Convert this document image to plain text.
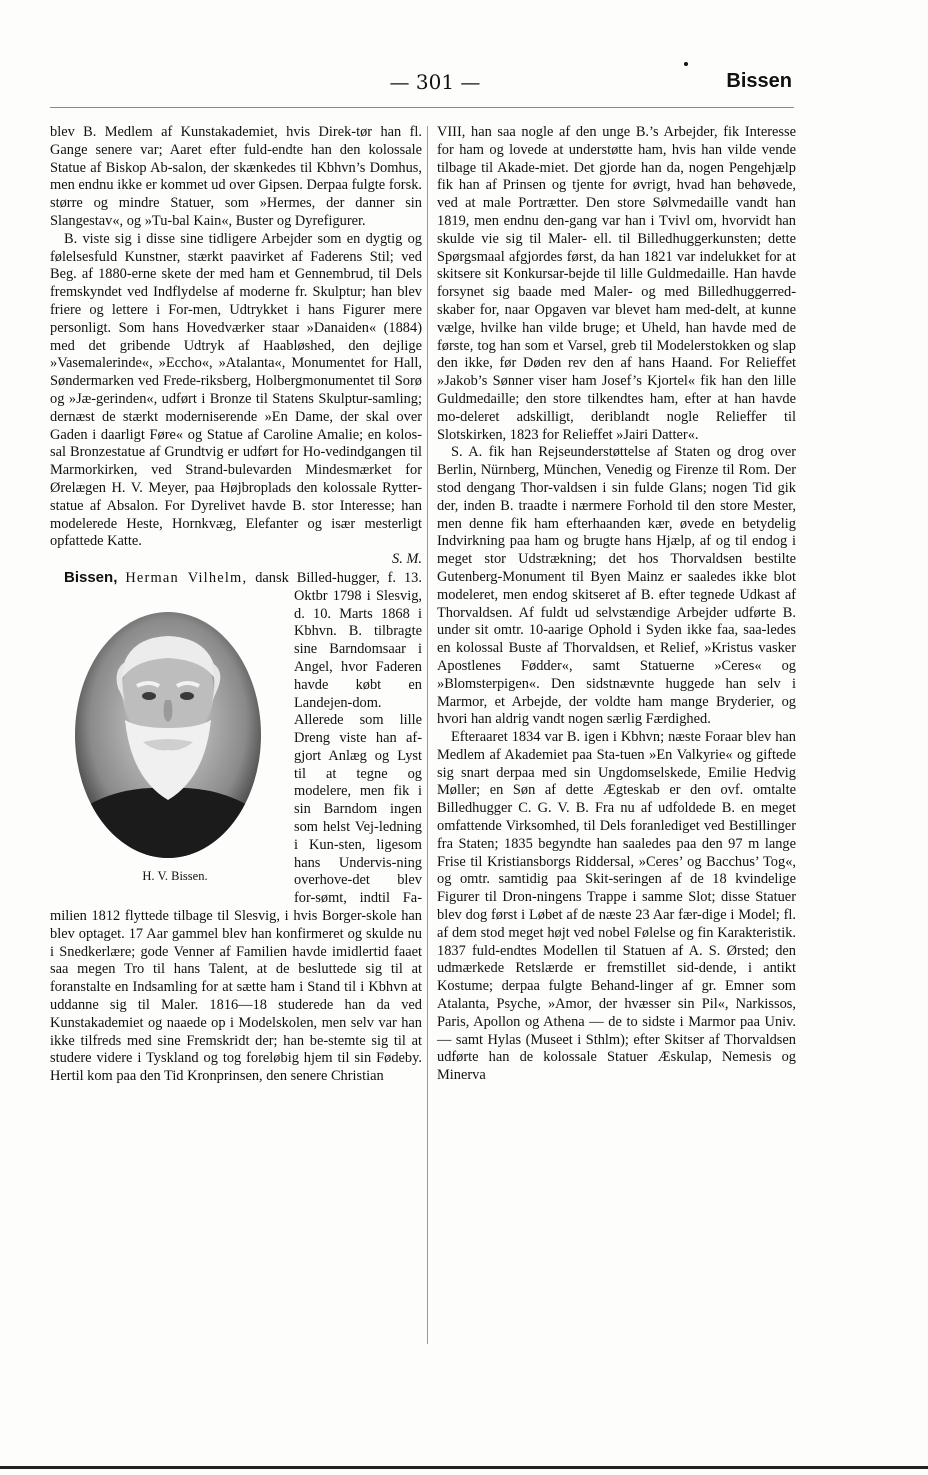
— 301 —	Bissen

blev B. Medlem af Kunstakademiet, hvis Direk-tør han fl. Gange senere var; Aaret efter fuld-endte han den kolossale Statue af Biskop Ab-salon, der skænkedes til Kbhvn’s Domhus, men endnu ikke er kommet ud over Gipsen. Derpaa fulgte forsk. større og mindre Statuer, som »Hermes, der danner sin Slangestav«, og »Tu-bal Kain«, Buster og Dyrefigurer.

B. viste sig i disse sine tidligere Arbejder som en dygtig og følelsesfuld Kunstner, stærkt paavirket af Faderens Stil; ved Beg. af 1880-erne skete der med ham et Gennembrud, til Dels fremskyndet ved Indflydelse af moderne fr. Skulptur; han blev friere og lettere i For-men, Udtrykket i hans Figurer mere personligt. Som hans Hovedværker staar »Danaiden« (1884) med det gribende Udtryk af Haabløshed, den dejlige »Vasemalerinde«, »Eccho«, »Atalanta«, Monumentet for Hall, Søndermarken ved Frede-riksberg, Holbergmonumentet til Sorø og »Jæ-gerinden«, udført i Bronze til Statens Skulptur-samling; dernæst de stærkt moderniserende »En Dame, der skal over Gaden i daarligt Føre« og Statue af Caroline Amalie; en kolos-sal Bronzestatue af Grundtvig er udført for Ho-vedindgangen til Marmorkirken, ved Strand-bulevarden Mindesmærket for Ørelægen H. V. Meyer, paa Højbroplads den kolossale Rytter-statue af Absalon. For Dyrelivet havde B. stor Interesse; han modelerede Heste, Hornkvæg, Elefanter og især mesterligt opfattede Katte.
S. M.

Bissen, Herman Vilhelm,
H. V. Bissen.
dansk Billed-hugger, f. 13. Oktbr 1798 i Slesvig, d. 10. Marts 1868 i Kbhvn. B. tilbragte sine Barndomsaar i Angel, hvor Faderen havde købt en Landejen-dom. Allerede som lille Dreng viste han af-gjort Anlæg og Lyst til at tegne og modelere, men fik i sin Barndom ingen som helst Vej-ledning i Kun-sten, ligesom hans Undervis-ning overhove-det blev for-sømt, indtil Fa-milien 1812 flyttede tilbage til Slesvig, i hvis Borger-skole han blev optaget. 17 Aar gammel blev han konfirmeret og skulde nu i Snedkerlære; gode Venner af Familien havde imidlertid faaet saa megen Tro til hans Talent, at de besluttede sig til at foranstalte en Indsamling for at sætte ham i Stand til i Kbhvn at uddanne sig til Maler. 1816—18 studerede han da ved Kunstakademiet og naaede op i Modelskolen, men selv var han ikke tilfreds med sine Fremskridt der; han be-stemte sig til at studere videre i Tyskland og tog foreløbig hjem til sin Fødeby. Hertil kom paa den Tid Kronprinsen, den senere Christian

VIII, han saa nogle af den unge B.’s Arbejder, fik Interesse for ham og lovede at understøtte ham, hvis han vilde vende tilbage til Akade-miet. Det gjorde han da, nogen Pengehjælp fik han af Prinsen og tjente for øvrigt, hvad han behøvede, ved at male Portrætter. Den store Sølvmedaille vandt han 1819, men endnu den-gang var han i Tvivl om, hvorvidt han skulde vie sig til Maler- ell. til Billedhuggerkunsten; dette Spørgsmaal afgjordes først, da han 1821 var indelukket for at skitsere sit Konkursar-bejde til lille Guldmedaille. Han havde forsynet sig baade med Maler- og med Billedhuggerred-skaber for, naar Opgaven var blevet ham med-delt, at kunne vælge, hvilke han vilde bruge; et Uheld, han havde med de første, tog han som et Varsel, greb til Modelerstokken og slap den ikke, før Døden rev den af hans Haand. For Relieffet »Jakob’s Sønner viser ham Josef’s Kjortel« fik han den lille Guldmedaille; den store tilkendtes ham, efter at han havde mo-deleret adskilligt, deriblandt nogle Relieffer til Slotskirken, 1823 for Relieffet »Jairi Datter«.

S. A. fik han Rejseunderstøttelse af Staten og drog over Berlin, Nürnberg, München, Venedig og Firenze til Rom. Der stod dengang Thor-valdsen i sin fulde Glans; nogen Tid gik der, inden B. traadte i nærmere Forhold til den store Mester, men denne fik ham efterhaanden kær, øvede en betydelig Indvirkning paa ham og brugte hans Hjælp, af og til endog i meget stor Udstrækning; det hos Thorvaldsen bestilte Gutenberg-Monument til Byen Mainz er saaledes ikke blot modeleret, men endog skitseret af B. efter tegnede Udkast af Thorvaldsen. Af fuldt ud selvstændige Arbejder udførte B. under sit omtr. 10-aarige Ophold i Syden ikke faa, saa-ledes en kolossal Buste af Thorvaldsen, et Relief, »Kristus vasker Apostlenes Fødder«, samt Statuerne »Ceres« og »Blomsterpigen«. Den sidstnævnte huggede han selv i Marmor, et Arbejde, der voldte ham mange Bryderier, og hvori han aldrig vandt nogen særlig Færdighed.

Efteraaret 1834 var B. igen i Kbhvn; næste Foraar blev han Medlem af Akademiet paa Sta-tuen »En Valkyrie« og giftede sig snart derpaa med sin Ungdomselskede, Emilie Hedvig Møller; en Søn af dette Ægteskab er den ovf. omtalte Billedhugger C. G. V. B. Fra nu af udfoldede B. en meget omfattende Virksomhed, til Dels foranlediget ved Bestillinger fra Staten; 1835 begyndte han saaledes paa den 97 m lange Frise til Kristiansborgs Riddersal, »Ceres’ og Bacchus’ Tog«, og omtr. samtidig paa Skit-seringen af de 18 kvindelige Figurer til Dron-ningens Trappe i samme Slot; disse Statuer blev dog først i Løbet af de næste 23 Aar fær-dige i Model; fl. af dem stod meget højt ved nobel Følelse og fin Karakteristik. 1837 fuld-endtes Modellen til Statuen af A. S. Ørsted; den udmærkede Retslærde er fremstillet sid-dende, i antikt Kostume; derpaa fulgte Behand-linger af gr. Emner som Atalanta, Psyche, »Amor, der hvæsser sin Pil«, Narkissos, Paris, Apollon og Athena — de to sidste i Marmor paa Univ. — samt Hylas (Museet i Sthlm); efter Skitser af Thorvaldsen udførte han de kolossale Statuer Æskulap, Nemesis og Minerva
